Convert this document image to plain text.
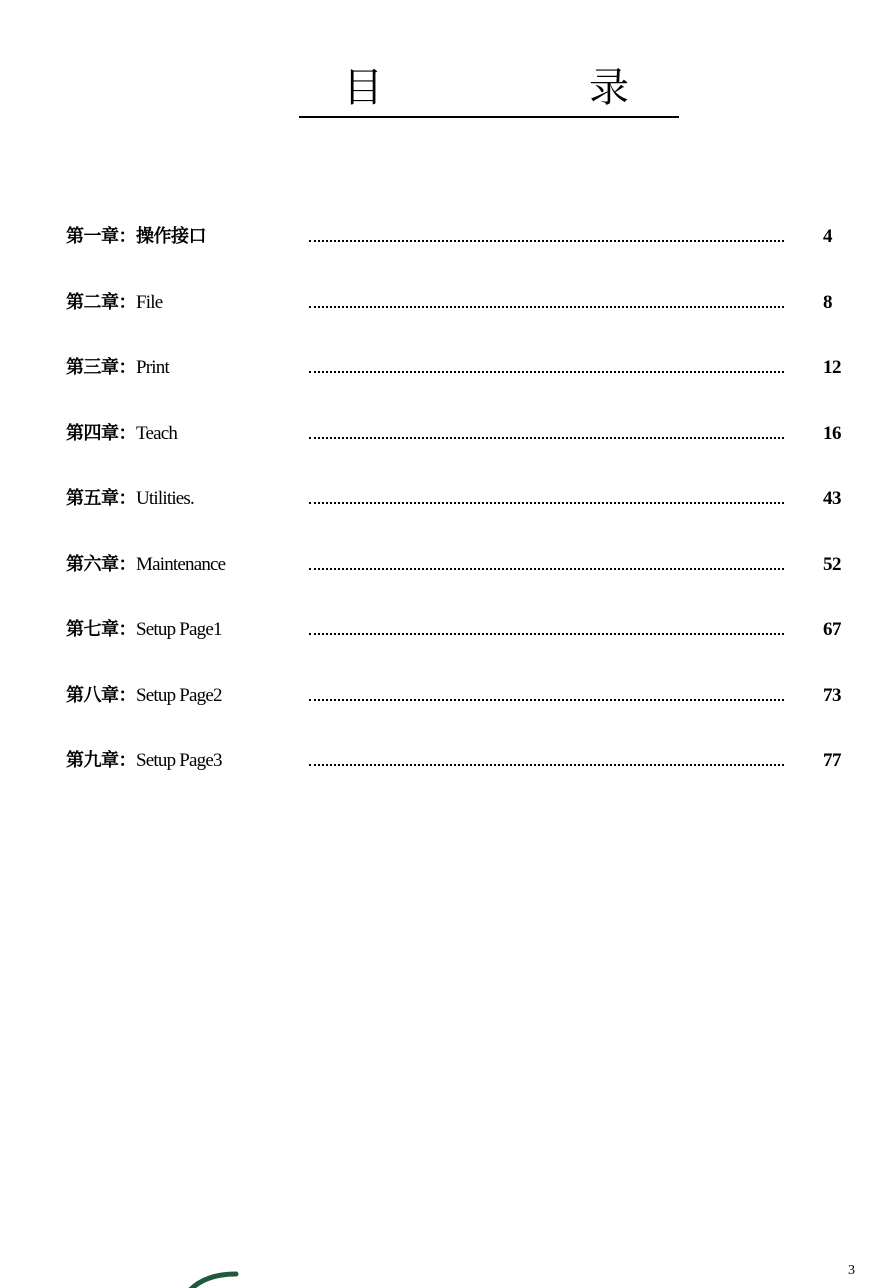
目	录
第一章：操作接口	4
第二章：File	8
第三章：Print	12
第四章：Teach	16
第五章：Utilities.	43
第六章：Maintenance	52
第七章：Setup Page1	67
第八章：Setup Page2	73
第九章：Setup Page3	77
3
